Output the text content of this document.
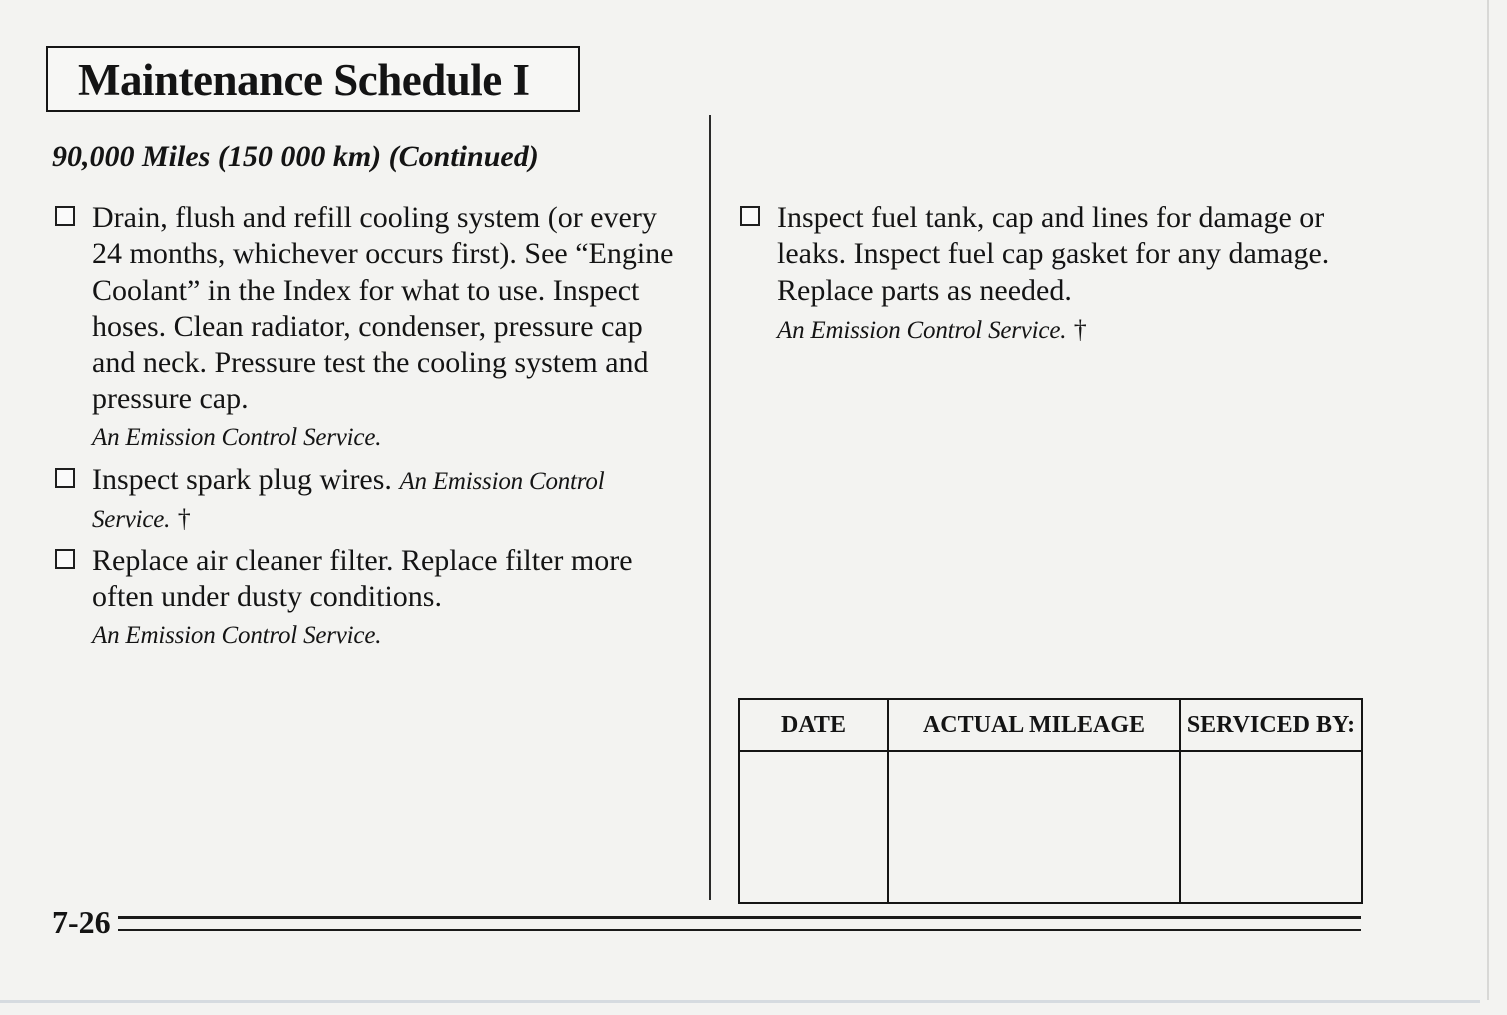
Maintenance Schedule I
90,000 Miles (150 000 km) (Continued)
Drain, flush and refill cooling system (or every 24 months, whichever occurs first). See “Engine Coolant” in the Index for what to use. Inspect hoses. Clean radiator, condenser, pressure cap and neck. Pressure test the cooling system and pressure cap.
An Emission Control Service.
Inspect spark plug wires. An Emission Control Service. †
Replace air cleaner filter. Replace filter more often under dusty conditions.
An Emission Control Service.
Inspect fuel tank, cap and lines for damage or leaks. Inspect fuel cap gasket for any damage. Replace parts as needed.
An Emission Control Service. †
DATE	ACTUAL MILEAGE	SERVICED BY:

7-26
